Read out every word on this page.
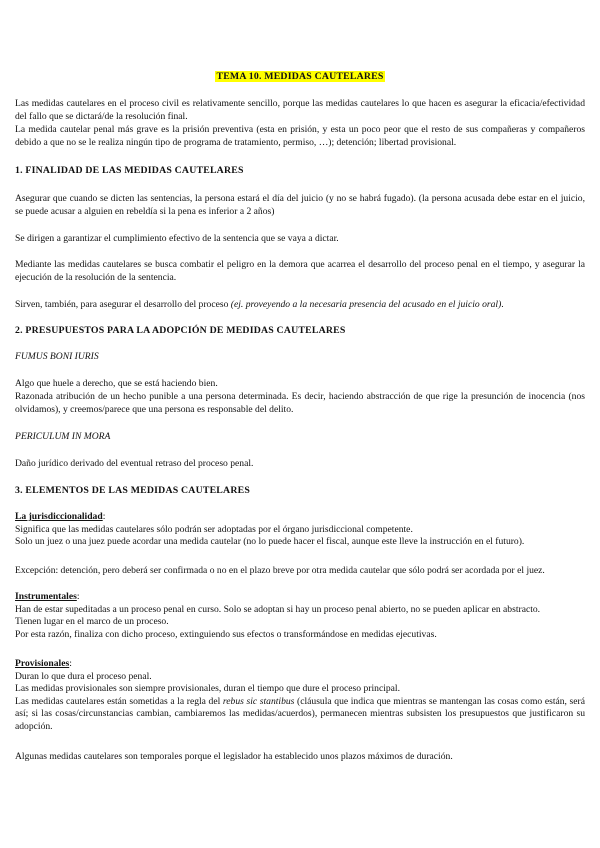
TEMA 10. MEDIDAS CAUTELARES

Las medidas cautelares en el proceso civil es relativamente sencillo, porque las medidas cautelares lo que hacen es asegurar la eficacia/efectividad del fallo que se dictará/de la resolución final.

La medida cautelar penal más grave es la prisión preventiva (esta en prisión, y esta un poco peor que el resto de sus compañeras y compañeros debido a que no se le realiza ningún tipo de programa de tratamiento, permiso, …); detención; libertad provisional.

1. FINALIDAD DE LAS MEDIDAS CAUTELARES

Asegurar que cuando se dicten las sentencias, la persona estará el día del juicio (y no se habrá fugado). (la persona acusada debe estar en el juicio, se puede acusar a alguien en rebeldía si la pena es inferior a 2 años)

Se dirigen a garantizar el cumplimiento efectivo de la sentencia que se vaya a dictar.

Mediante las medidas cautelares se busca combatir el peligro en la demora que acarrea el desarrollo del proceso penal en el tiempo, y asegurar la ejecución de la resolución de la sentencia.

Sirven, también, para asegurar el desarrollo del proceso (ej. proveyendo a la necesaria presencia del acusado en el juicio oral).

2. PRESUPUESTOS PARA LA ADOPCIÓN DE MEDIDAS CAUTELARES

FUMUS BONI IURIS

Algo que huele a derecho, que se está haciendo bien.

Razonada atribución de un hecho punible a una persona determinada. Es decir, haciendo abstracción de que rige la presunción de inocencia (nos olvidamos), y creemos/parece que una persona es responsable del delito.

PERICULUM IN MORA

Daño jurídico derivado del eventual retraso del proceso penal.

3. ELEMENTOS DE LAS MEDIDAS CAUTELARES

La jurisdiccionalidad:
Significa que las medidas cautelares sólo podrán ser adoptadas por el órgano jurisdiccional competente.
Solo un juez o una juez puede acordar una medida cautelar (no lo puede hacer el fiscal, aunque este lleve la instrucción en el futuro).

Excepción: detención, pero deberá ser confirmada o no en el plazo breve por otra medida cautelar que sólo podrá ser acordada por el juez.

Instrumentales:
Han de estar supeditadas a un proceso penal en curso. Solo se adoptan si hay un proceso penal abierto, no se pueden aplicar en abstracto.
Tienen lugar en el marco de un proceso.
Por esta razón, finaliza con dicho proceso, extinguiendo sus efectos o transformándose en medidas ejecutivas.

Provisionales:
Duran lo que dura el proceso penal.
Las medidas provisionales son siempre provisionales, duran el tiempo que dure el proceso principal.
Las medidas cautelares están sometidas a la regla del rebus sic stantibus (cláusula que indica que mientras se mantengan las cosas como están, será así; si las cosas/circunstancias cambian, cambiaremos las medidas/acuerdos), permanecen mientras subsisten los presupuestos que justificaron su adopción.

Algunas medidas cautelares son temporales porque el legislador ha establecido unos plazos máximos de duración.
